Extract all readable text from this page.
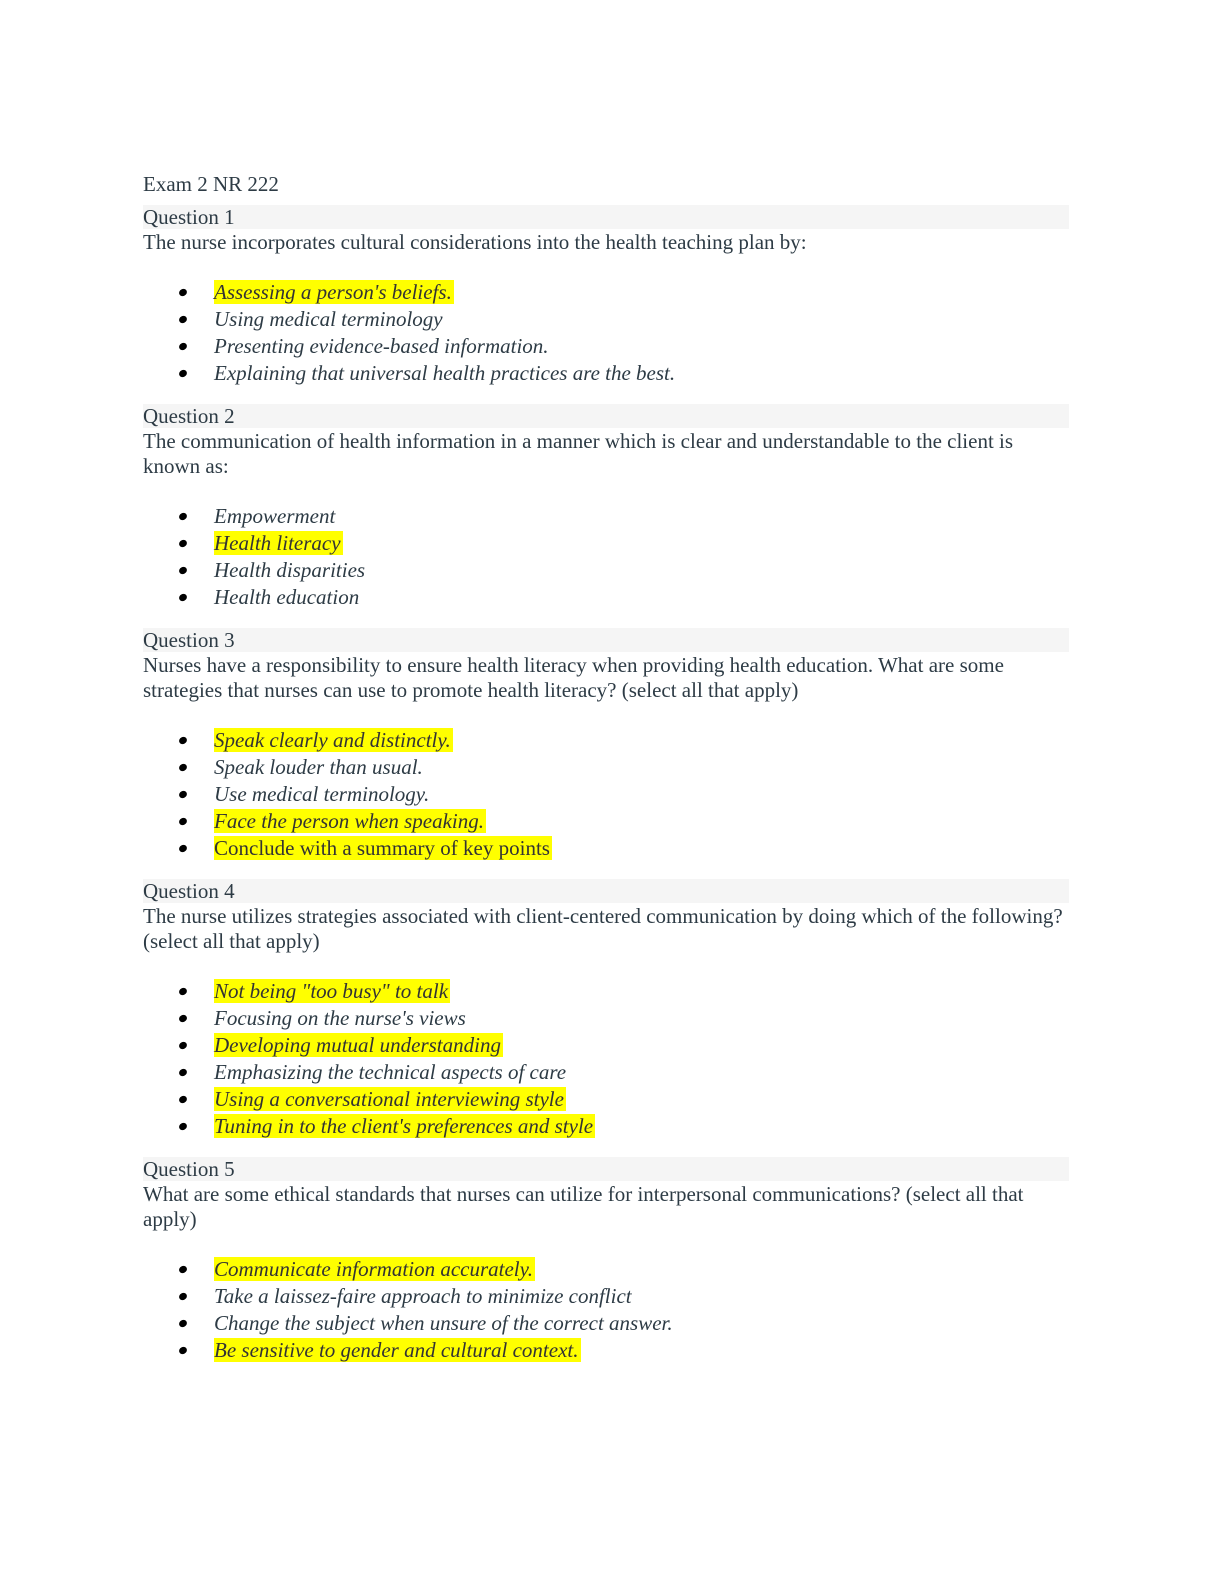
Exam 2 NR 222
Question 1
The nurse incorporates cultural considerations into the health teaching plan by:
Assessing a person's beliefs.
Using medical terminology
Presenting evidence-based information.
Explaining that universal health practices are the best.
Question 2
The communication of health information in a manner which is clear and understandable to the client is known as:
Empowerment
Health literacy
Health disparities
Health education
Question 3
Nurses have a responsibility to ensure health literacy when providing health education. What are some strategies that nurses can use to promote health literacy? (select all that apply)
Speak clearly and distinctly.
Speak louder than usual.
Use medical terminology.
Face the person when speaking.
Conclude with a summary of key points
Question 4
The nurse utilizes strategies associated with client-centered communication by doing which of the following? (select all that apply)
Not being "too busy" to talk
Focusing on the nurse's views
Developing mutual understanding
Emphasizing the technical aspects of care
Using a conversational interviewing style
Tuning in to the client's preferences and style
Question 5
What are some ethical standards that nurses can utilize for interpersonal communications? (select all that apply)
Communicate information accurately.
Take a laissez-faire approach to minimize conflict
Change the subject when unsure of the correct answer.
Be sensitive to gender and cultural context.
